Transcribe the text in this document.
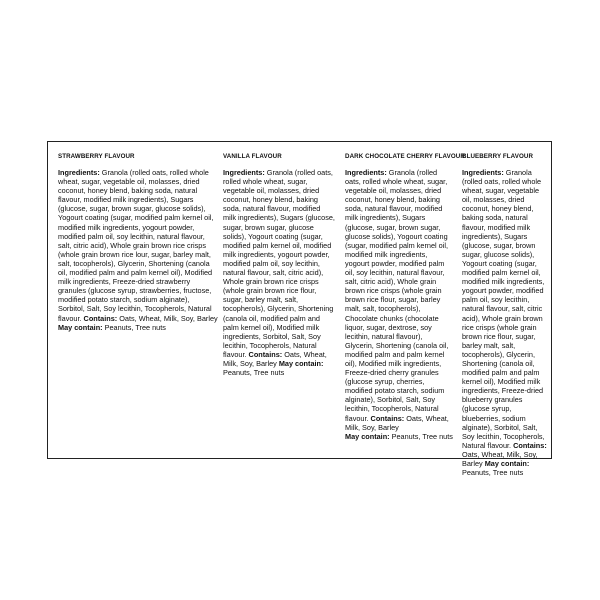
STRAWBERRY FLAVOUR
Ingredients: Granola (rolled oats, rolled whole wheat, sugar, vegetable oil, molasses, dried coconut, honey blend, baking soda, natural flavour, modified milk ingredients), Sugars (glucose, sugar, brown sugar, glucose solids), Yogourt coating (sugar, modified palm kernel oil, modified milk ingredients, yogourt powder, modified palm oil, soy lecithin, natural flavour, salt, citric acid), Whole grain brown rice crisps (whole grain brown rice lour, sugar, barley malt, salt, tocopherols), Glycerin, Shortening (canola oil, modified palm and palm kernel oil), Modified milk ingredients, Freeze-dried strawberry granules (glucose syrup, strawberries, fructose, modified potato starch, sodium alginate), Sorbitol, Salt, Soy lecithin, Tocopherols, Natural flavour. Contains: Oats, Wheat, Milk, Soy, Barley May contain: Peanuts, Tree nuts
VANILLA FLAVOUR
Ingredients: Granola (rolled oats, rolled whole wheat, sugar, vegetable oil, molasses, dried coconut, honey blend, baking soda, natural flavour, modified milk ingredients), Sugars (glucose, sugar, brown sugar, glucose solids), Yogourt coating (sugar, modified palm kernel oil, modified milk ingredients, yogourt powder, modified palm oil, soy lecithin, natural flavour, salt, citric acid), Whole grain brown rice crisps (whole grain brown rice flour, sugar, barley malt, salt, tocopherols), Glycerin, Shortening (canola oil, modified palm and palm kernel oil), Modified milk ingredients, Sorbitol, Salt, Soy lecithin, Tocopherols, Natural flavour. Contains: Oats, Wheat, Milk, Soy, Barley May contain: Peanuts, Tree nuts
DARK CHOCOLATE CHERRY FLAVOUR
Ingredients: Granola (rolled oats, rolled whole wheat, sugar, vegetable oil, molasses, dried coconut, honey blend, baking soda, natural flavour, modified milk ingredients), Sugars (glucose, sugar, brown sugar, glucose solids), Yogourt coating (sugar, modified palm kernel oil, modified milk ingredients, yogourt powder, modified palm oil, soy lecithin, natural flavour, salt, citric acid), Whole grain brown rice crisps (whole grain brown rice flour, sugar, barley malt, salt, tocopherols), Chocolate chunks (chocolate liquor, sugar, dextrose, soy lecithin, natural flavour), Glycerin, Shortening (canola oil, modified palm and palm kernel oil), Modified milk ingredients, Freeze-dried cherry granules (glucose syrup, cherries, modified potato starch, sodium alginate), Sorbitol, Salt, Soy lecithin, Tocopherols, Natural flavour. Contains: Oats, Wheat, Milk, Soy, Barley
May contain: Peanuts, Tree nuts
BLUEBERRY FLAVOUR
Ingredients: Granola (rolled oats, rolled whole wheat, sugar, vegetable oil, molasses, dried coconut, honey blend, baking soda, natural flavour, modified milk ingredients), Sugars (glucose, sugar, brown sugar, glucose solids), Yogourt coating (sugar, modified palm kernel oil, modified milk ingredients, yogourt powder, modified palm oil, soy lecithin, natural flavour, salt, citric acid), Whole grain brown rice crisps (whole grain brown rice flour, sugar, barley malt, salt, tocopherols), Glycerin, Shortening (canola oil, modified palm and palm kernel oil), Modified milk ingredients, Freeze-dried blueberry granules (glucose syrup, blueberries, sodium alginate), Sorbitol, Salt, Soy lecithin, Tocopherols, Natural flavour. Contains: Oats, Wheat, Milk, Soy, Barley May contain: Peanuts, Tree nuts
